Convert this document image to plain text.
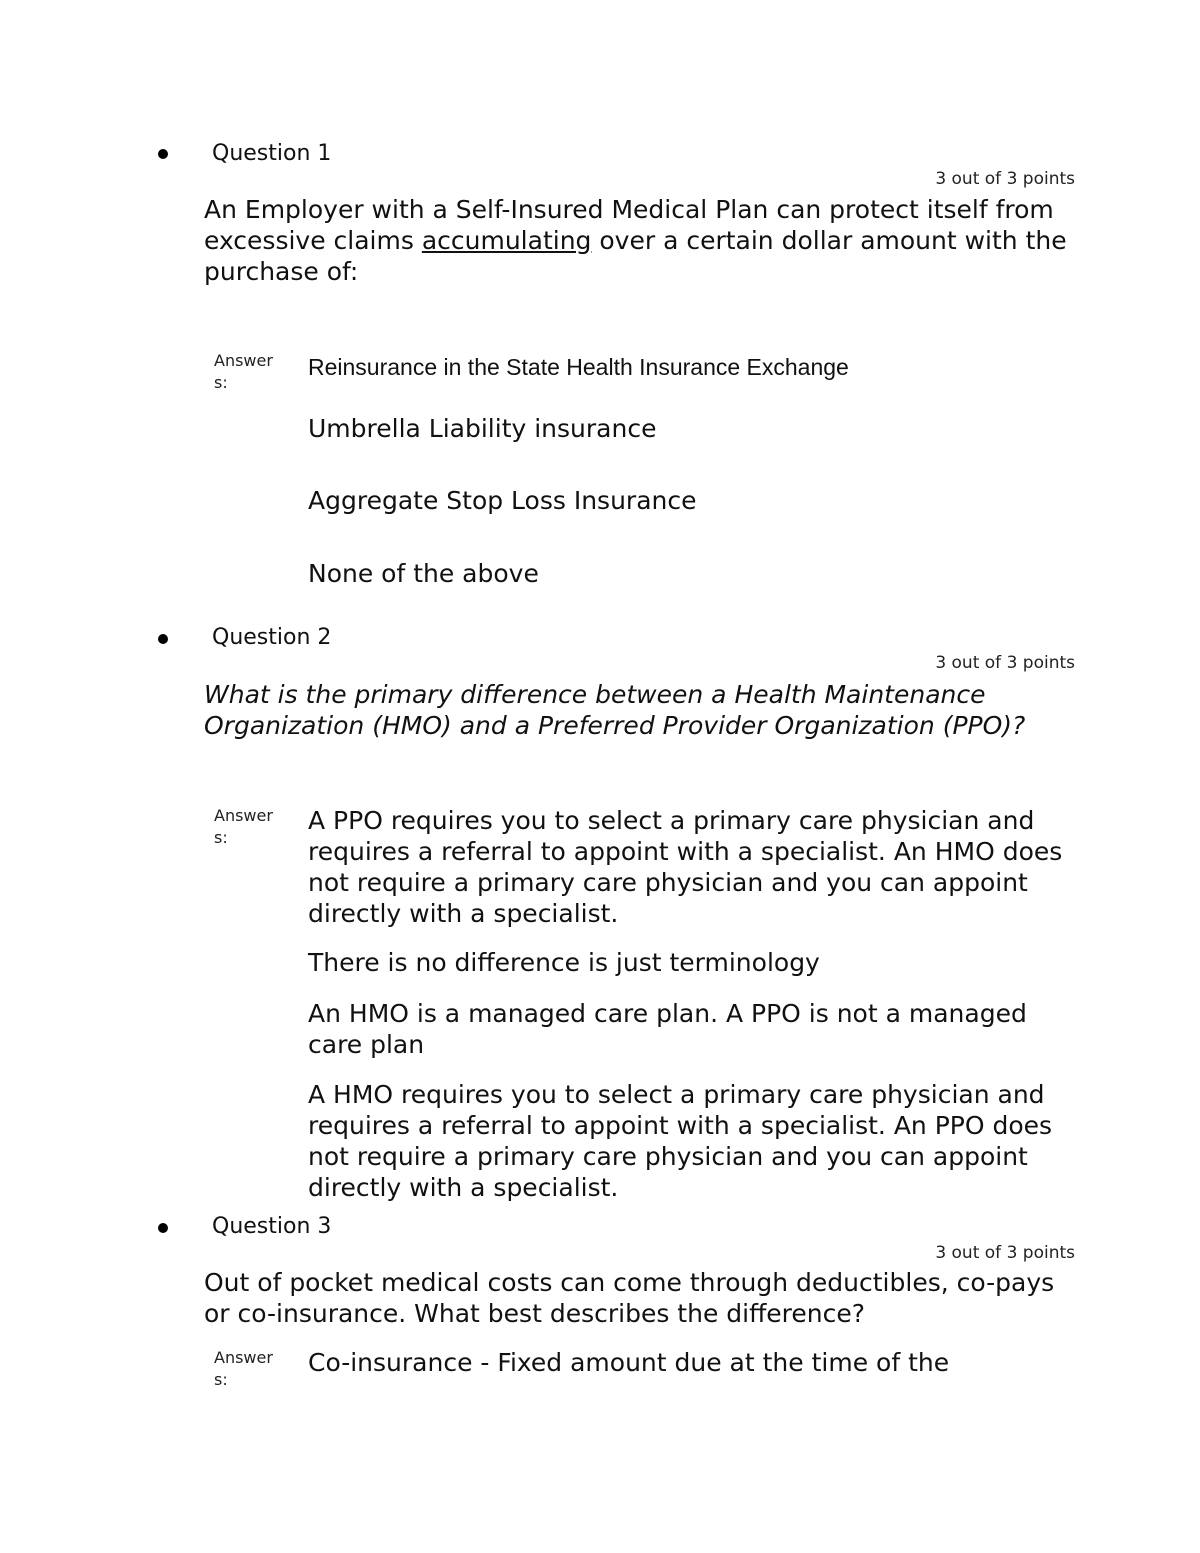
Question 1
3 out of 3 points
An Employer with a Self-Insured Medical Plan can protect itself from excessive claims accumulating over a certain dollar amount with the purchase of:
Answer
s:
Reinsurance in the State Health Insurance Exchange
Umbrella Liability insurance
Aggregate Stop Loss Insurance
None of the above
Question 2
3 out of 3 points
What is the primary difference between a Health Maintenance Organization (HMO) and a Preferred Provider Organization (PPO)?
Answer
s:
A PPO requires you to select a primary care physician and requires a referral to appoint with a specialist. An HMO does not require a primary care physician and you can appoint directly with a specialist.
There is no difference is just terminology
An HMO is a managed care plan. A PPO is not a managed care plan
A HMO requires you to select a primary care physician and requires a referral to appoint with a specialist. An PPO does not require a primary care physician and you can appoint directly with a specialist.
Question 3
3 out of 3 points
Out of pocket medical costs can come through deductibles, co-pays or co-insurance. What best describes the difference?
Answer
s:
Co-insurance - Fixed amount due at the time of the
